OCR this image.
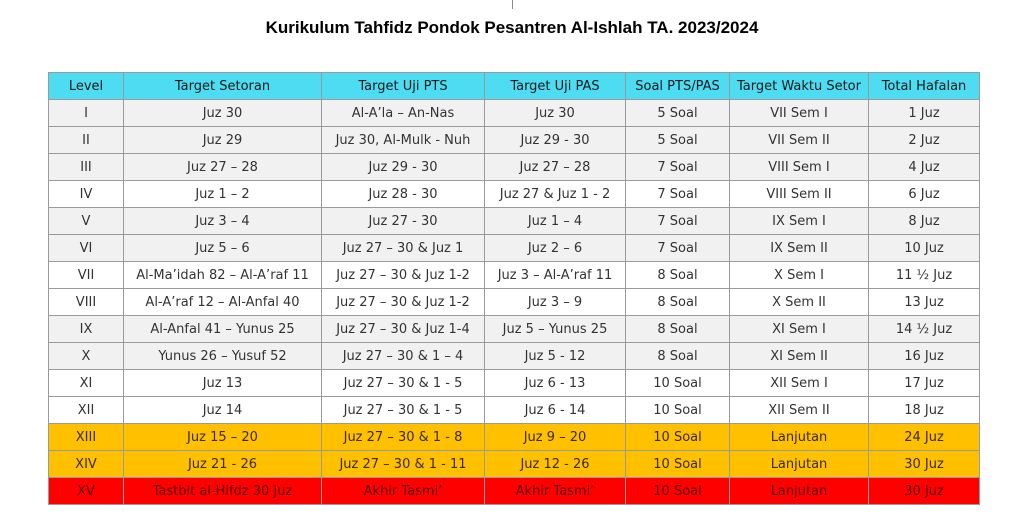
Kurikulum Tahfidz Pondok Pesantren Al-Ishlah TA. 2023/2024
Level	Target Setoran	Target Uji PTS	Target Uji PAS	Soal PTS/PAS	Target Waktu Setor	Total Hafalan
I	Juz 30	Al-A’la – An-Nas	Juz 30	5 Soal	VII Sem I	1 Juz
II	Juz 29	Juz 30, Al-Mulk - Nuh	Juz 29 - 30	5 Soal	VII Sem II	2 Juz
III	Juz 27 – 28	Juz 29 - 30	Juz 27 – 28	7 Soal	VIII Sem I	4 Juz
IV	Juz 1 – 2	Juz 28 - 30	Juz 27 & Juz 1 - 2	7 Soal	VIII Sem II	6 Juz
V	Juz 3 – 4	Juz 27 - 30	Juz 1 – 4	7 Soal	IX Sem I	8 Juz
VI	Juz 5 – 6	Juz 27 – 30 & Juz 1	Juz 2 – 6	7 Soal	IX Sem II	10 Juz
VII	Al-Ma’idah 82 – Al-A’raf 11	Juz 27 – 30 & Juz 1-2	Juz 3 – Al-A’raf 11	8 Soal	X Sem I	11 ½ Juz
VIII	Al-A’raf 12 – Al-Anfal 40	Juz 27 – 30 & Juz 1-2	Juz 3 – 9	8 Soal	X Sem II	13 Juz
IX	Al-Anfal 41 – Yunus 25	Juz 27 – 30 & Juz 1-4	Juz 5 – Yunus 25	8 Soal	XI Sem I	14 ½ Juz
X	Yunus 26 – Yusuf 52	Juz 27 – 30 & 1 – 4	Juz 5 - 12	8 Soal	XI Sem II	16 Juz
XI	Juz 13	Juz 27 – 30 & 1 - 5	Juz 6 - 13	10 Soal	XII Sem I	17 Juz
XII	Juz 14	Juz 27 – 30 & 1 - 5	Juz 6 - 14	10 Soal	XII Sem II	18 Juz
XIII	Juz 15 – 20	Juz 27 – 30 & 1 - 8	Juz 9 – 20	10 Soal	Lanjutan	24 Juz
XIV	Juz 21 - 26	Juz 27 – 30 & 1 - 11	Juz 12 - 26	10 Soal	Lanjutan	30 Juz
XV	Tastbit al-Hifdz 30 Juz	Akhir Tasmi’	Akhir Tasmi’	10 Soal	Lanjutan	30 Juz
